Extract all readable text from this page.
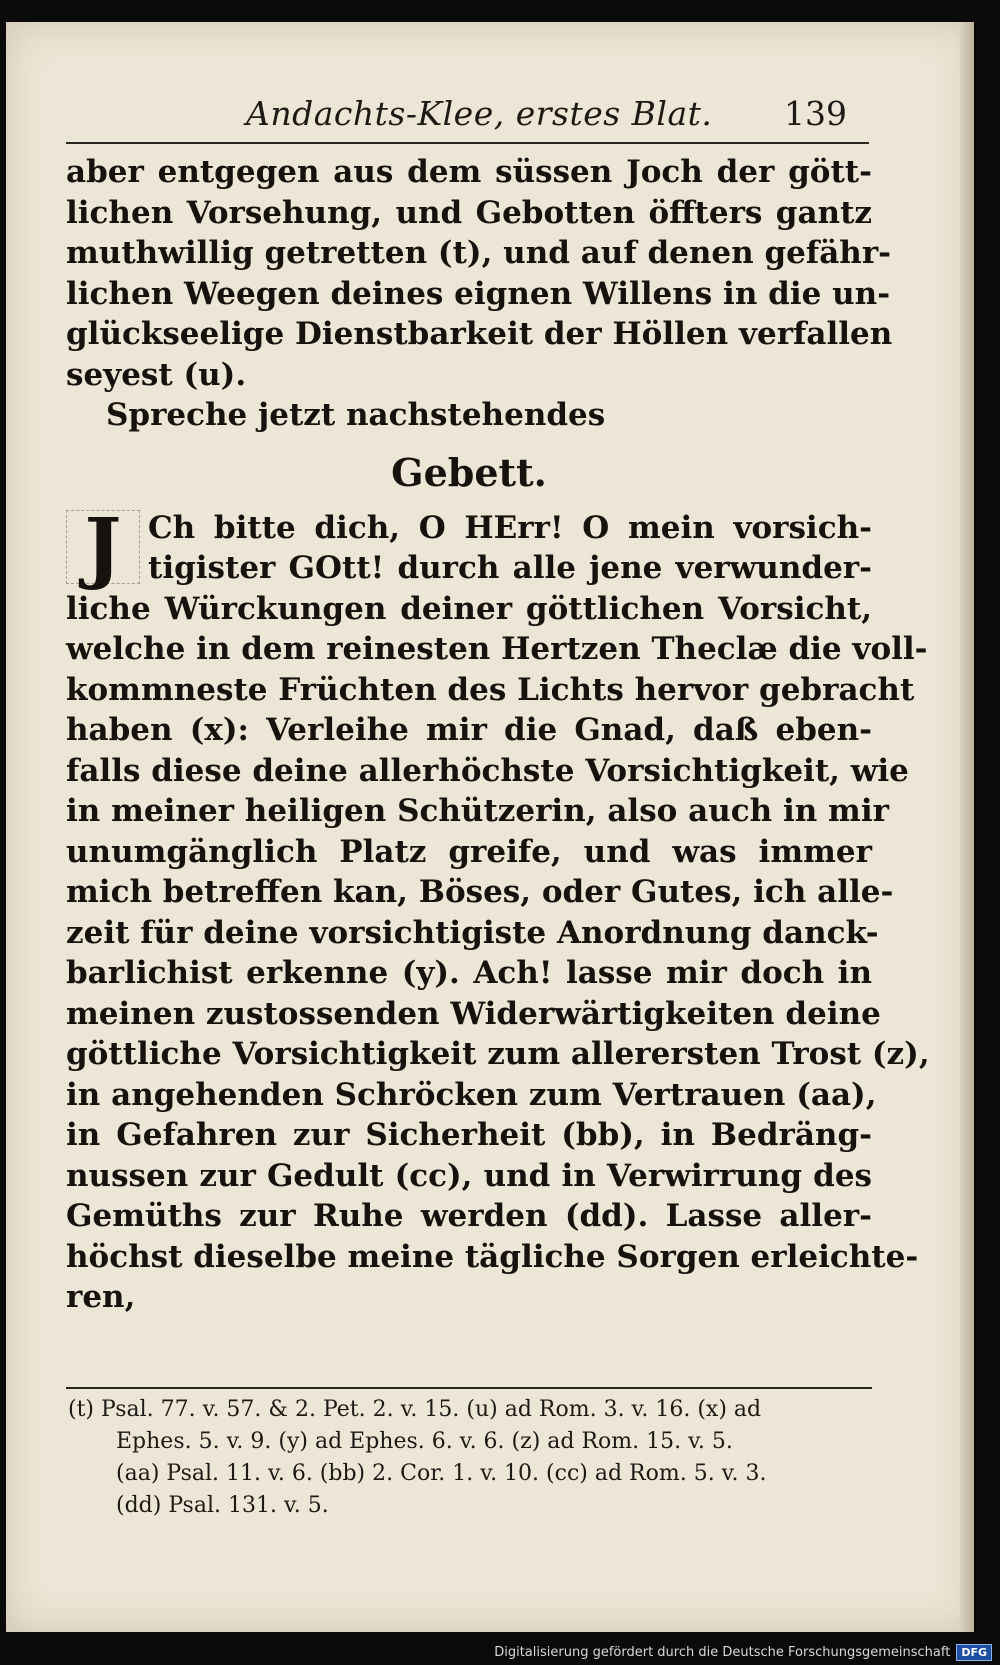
Andachts-Klee, erstes Blat. 139
aber entgegen aus dem süssen Joch der gött-
lichen Vorsehung, und Gebotten öffters gantz
muthwillig getretten (t), und auf denen gefähr-
lichen Weegen deines eignen Willens in die un-
glückseelige Dienstbarkeit der Höllen verfallen
seyest (u).
Spreche jetzt nachstehendes
Gebett.
J Ch bitte dich, O HErr! O mein vorsich-
tigister GOtt! durch alle jene verwunder-
liche Würckungen deiner göttlichen Vorsicht,
welche in dem reinesten Hertzen Theclæ die voll-
kommneste Früchten des Lichts hervor gebracht
haben (x): Verleihe mir die Gnad, daß eben-
falls diese deine allerhöchste Vorsichtigkeit, wie
in meiner heiligen Schützerin, also auch in mir
unumgänglich Platz greife, und was immer
mich betreffen kan, Böses, oder Gutes, ich alle-
zeit für deine vorsichtigiste Anordnung danck-
barlichist erkenne (y). Ach! lasse mir doch in
meinen zustossenden Widerwärtigkeiten deine
göttliche Vorsichtigkeit zum allerersten Trost (z),
in angehenden Schröcken zum Vertrauen (aa),
in Gefahren zur Sicherheit (bb), in Bedräng-
nussen zur Gedult (cc), und in Verwirrung des
Gemüths zur Ruhe werden (dd). Lasse aller-
höchst dieselbe meine tägliche Sorgen erleichte-
ren,
(t) Psal. 77. v. 57. & 2. Pet. 2. v. 15. (u) ad Rom. 3. v. 16. (x) ad
Ephes. 5. v. 9. (y) ad Ephes. 6. v. 6. (z) ad Rom. 15. v. 5.
(aa) Psal. 11. v. 6. (bb) 2. Cor. 1. v. 10. (cc) ad Rom. 5. v. 3.
(dd) Psal. 131. v. 5.
Digitalisierung gefördert durch die Deutsche Forschungsgemeinschaft	DFG
